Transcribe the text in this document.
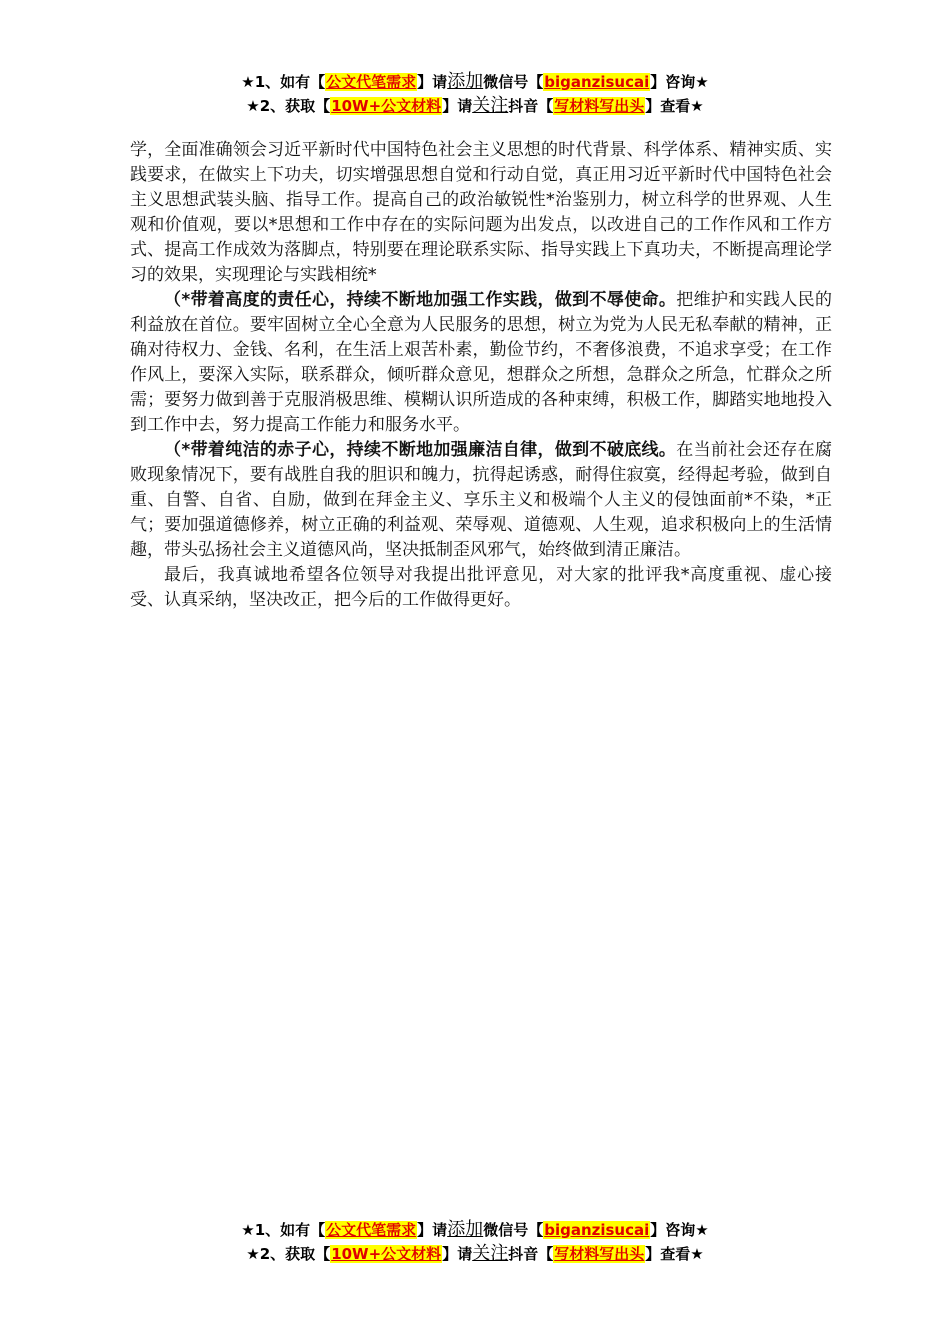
★1、如有【公文代笔需求】请添加微信号【biganzisucai】咨询★
★2、获取【10W+公文材料】请关注抖音【写材料写出头】查看★

学，全面准确领会习近平新时代中国特色社会主义思想的时代背景、科学体系、精神实质、实践要求，在做实上下功夫，切实增强思想自觉和行动自觉，真正用习近平新时代中国特色社会主义思想武装头脑、指导工作。提高自己的政治敏锐性*治鉴别力，树立科学的世界观、人生观和价值观，要以*思想和工作中存在的实际问题为出发点，以改进自己的工作作风和工作方式、提高工作成效为落脚点，特别要在理论联系实际、指导实践上下真功夫，不断提高理论学习的效果，实现理论与实践相统*

（*带着高度的责任心，持续不断地加强工作实践，做到不辱使命。把维护和实践人民的利益放在首位。要牢固树立全心全意为人民服务的思想，树立为党为人民无私奉献的精神，正确对待权力、金钱、名利，在生活上艰苦朴素，勤俭节约，不奢侈浪费，不追求享受；在工作作风上，要深入实际，联系群众，倾听群众意见，想群众之所想，急群众之所急，忙群众之所需；要努力做到善于克服消极思维、模糊认识所造成的各种束缚，积极工作，脚踏实地地投入到工作中去，努力提高工作能力和服务水平。

（*带着纯洁的赤子心，持续不断地加强廉洁自律，做到不破底线。在当前社会还存在腐败现象情况下，要有战胜自我的胆识和魄力，抗得起诱惑，耐得住寂寞，经得起考验，做到自重、自警、自省、自励，做到在拜金主义、享乐主义和极端个人主义的侵蚀面前*不染，*正气；要加强道德修养，树立正确的利益观、荣辱观、道德观、人生观，追求积极向上的生活情趣，带头弘扬社会主义道德风尚，坚决抵制歪风邪气，始终做到清正廉洁。

最后，我真诚地希望各位领导对我提出批评意见，对大家的批评我*高度重视、虚心接受、认真采纳，坚决改正，把今后的工作做得更好。

★1、如有【公文代笔需求】请添加微信号【biganzisucai】咨询★
★2、获取【10W+公文材料】请关注抖音【写材料写出头】查看★
